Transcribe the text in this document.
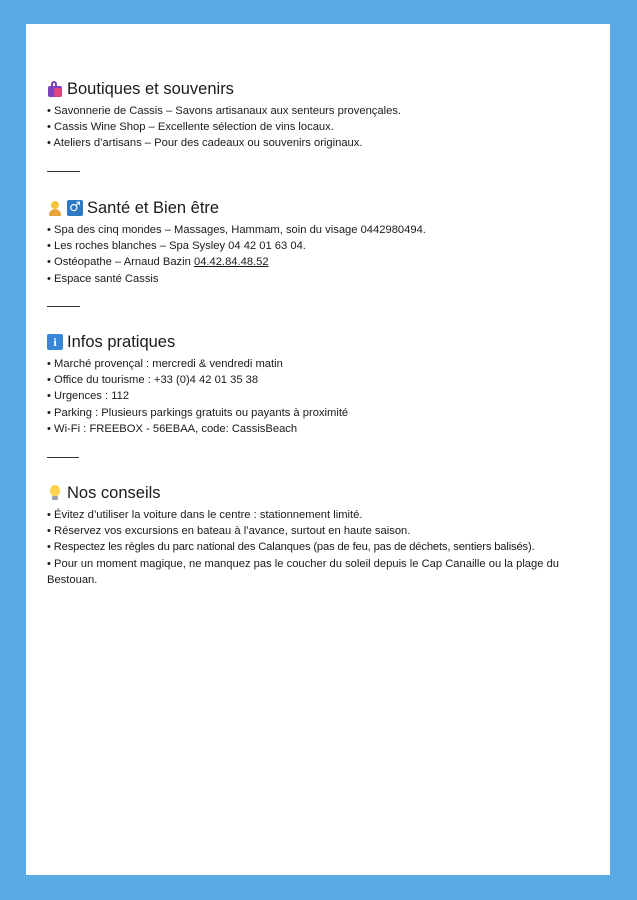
Boutiques et souvenirs
• Savonnerie de Cassis – Savons artisanaux aux senteurs provençales.
• Cassis Wine Shop – Excellente sélection de vins locaux.
• Ateliers d’artisans – Pour des cadeaux ou souvenirs originaux.
♂ Santé et Bien être
• Spa des cinq mondes – Massages, Hammam, soin du visage 0442980494.
• Les roches blanches – Spa Sysley 04 42 01 63 04.
• Ostéopathe – Arnaud Bazin 04.42.84.48.52
• Espace santé Cassis
i Infos pratiques
• Marché provençal : mercredi & vendredi matin
• Office du tourisme : +33 (0)4 42 01 35 38
• Urgences : 112
• Parking : Plusieurs parkings gratuits ou payants à proximité
• Wi-Fi : FREEBOX - 56EBAA, code: CassisBeach
Nos conseils
• Évitez d’utiliser la voiture dans le centre : stationnement limité.
• Réservez vos excursions en bateau à l’avance, surtout en haute saison.
• Respectez les règles du parc national des Calanques (pas de feu, pas de déchets, sentiers balisés).
• Pour un moment magique, ne manquez pas le coucher du soleil depuis le Cap Canaille ou la plage du Bestouan.
